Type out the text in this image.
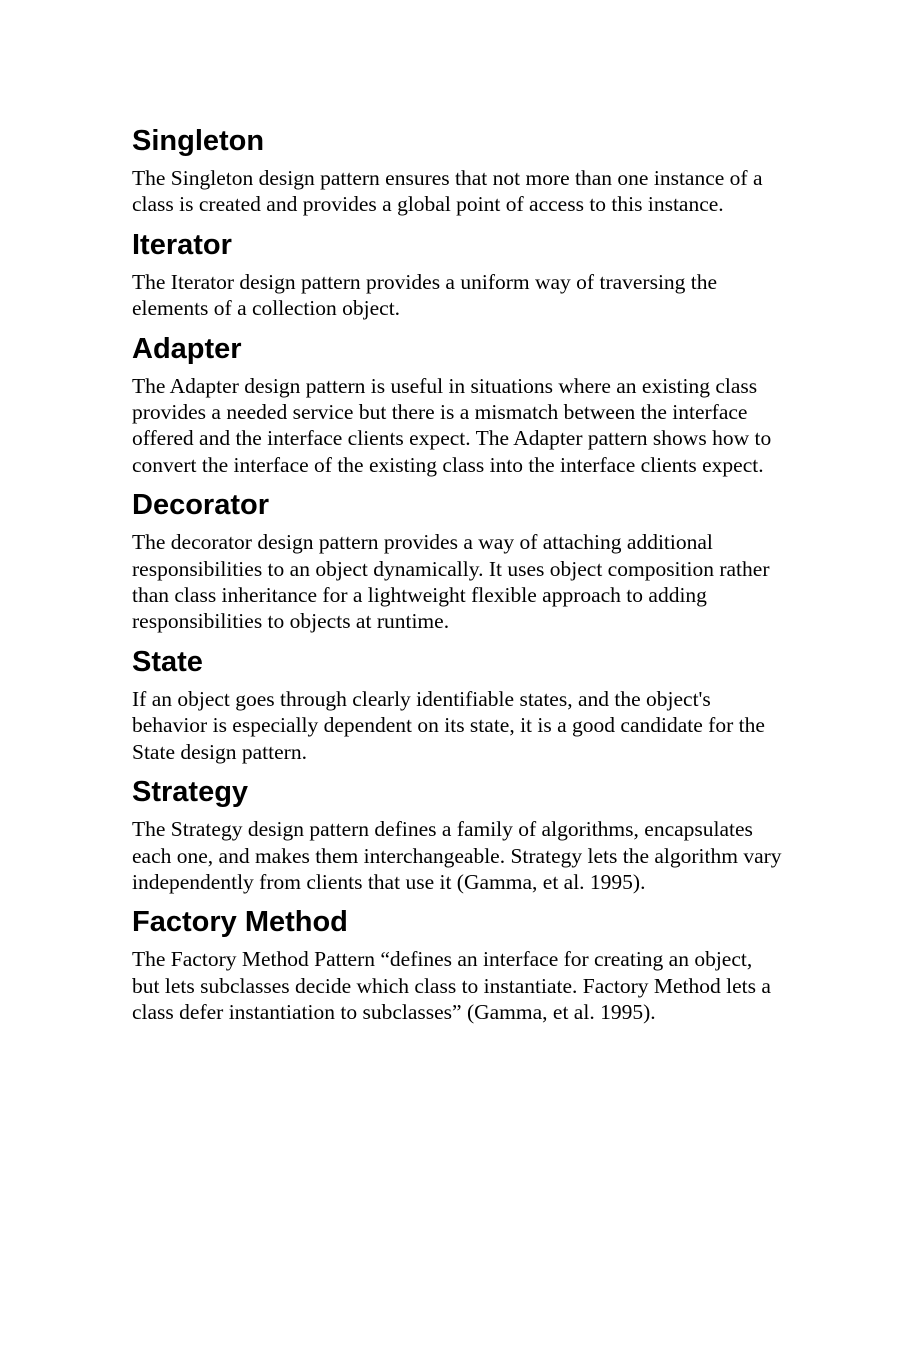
Singleton

The Singleton design pattern ensures that not more than one instance of a
class is created and provides a global point of access to this instance.

Iterator

The Iterator design pattern provides a uniform way of traversing the
elements of a collection object.

Adapter

The Adapter design pattern is useful in situations where an existing class
provides a needed service but there is a mismatch between the interface
offered and the interface clients expect. The Adapter pattern shows how to
convert the interface of the existing class into the interface clients expect.

Decorator

The decorator design pattern provides a way of attaching additional
responsibilities to an object dynamically. It uses object composition rather
than class inheritance for a lightweight flexible approach to adding
responsibilities to objects at runtime.

State

If an object goes through clearly identifiable states, and the object's
behavior is especially dependent on its state, it is a good candidate for the
State design pattern.

Strategy

The Strategy design pattern defines a family of algorithms, encapsulates
each one, and makes them interchangeable. Strategy lets the algorithm vary
independently from clients that use it (Gamma, et al. 1995).

Factory Method

The Factory Method Pattern “defines an interface for creating an object,
but lets subclasses decide which class to instantiate. Factory Method lets a
class defer instantiation to subclasses” (Gamma, et al. 1995).
